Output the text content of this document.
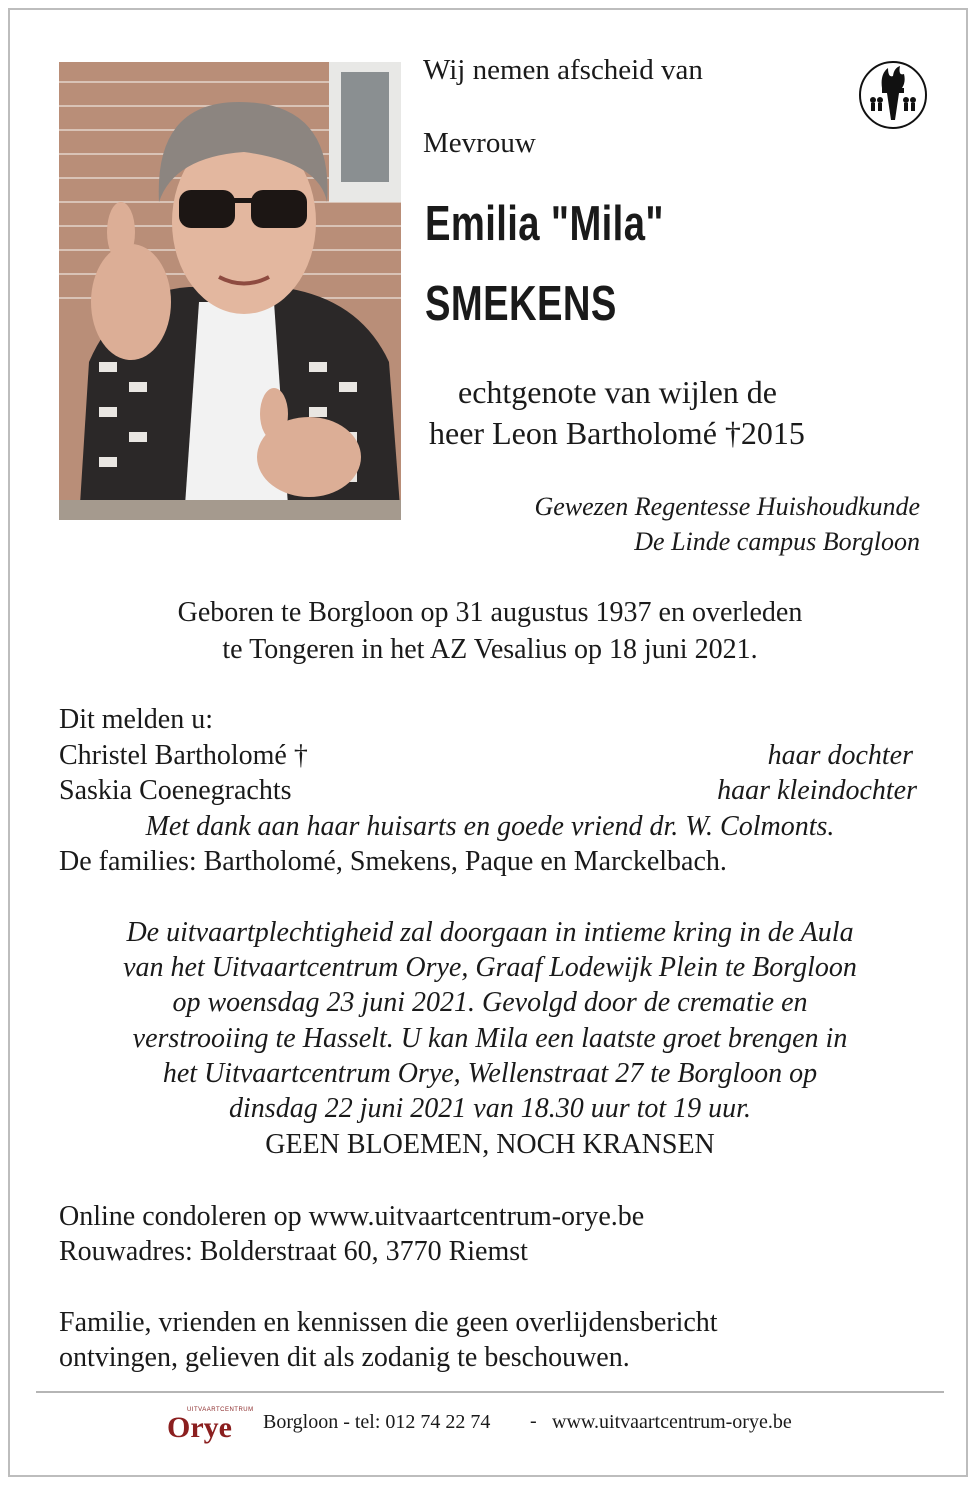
Wij nemen afscheid van
Mevrouw
Emilia "Mila"
SMEKENS
echtgenote van wijlen de
heer Leon Bartholomé †2015
Gewezen Regentesse Huishoudkunde
De Linde campus Borgloon
Geboren te Borgloon op 31 augustus 1937 en overleden
te Tongeren in het AZ Vesalius op 18 juni 2021.
Dit melden u:
Christel Bartholomé †	haar dochter
Saskia Coenegrachts	haar kleindochter
Met dank aan haar huisarts en goede vriend dr. W. Colmonts.
De families: Bartholomé, Smekens, Paque en Marckelbach.
De uitvaartplechtigheid zal doorgaan in intieme kring in de Aula
van het Uitvaartcentrum Orye, Graaf Lodewijk Plein te Borgloon
op woensdag 23 juni 2021. Gevolgd door de crematie en
verstrooiing te Hasselt. U kan Mila een laatste groet brengen in
het Uitvaartcentrum Orye, Wellenstraat 27 te Borgloon op
dinsdag 22 juni 2021 van 18.30 uur tot 19 uur.
GEEN BLOEMEN, NOCH KRANSEN
Online condoleren op www.uitvaartcentrum-orye.be
Rouwadres: Bolderstraat 60, 3770 Riemst
Familie, vrienden en kennissen die geen overlijdensbericht
ontvingen, gelieven dit als zodanig te beschouwen.
UITVAARTCENTRUM
Orye Borgloon - tel: 012 74 22 74 - www.uitvaartcentrum-orye.be
